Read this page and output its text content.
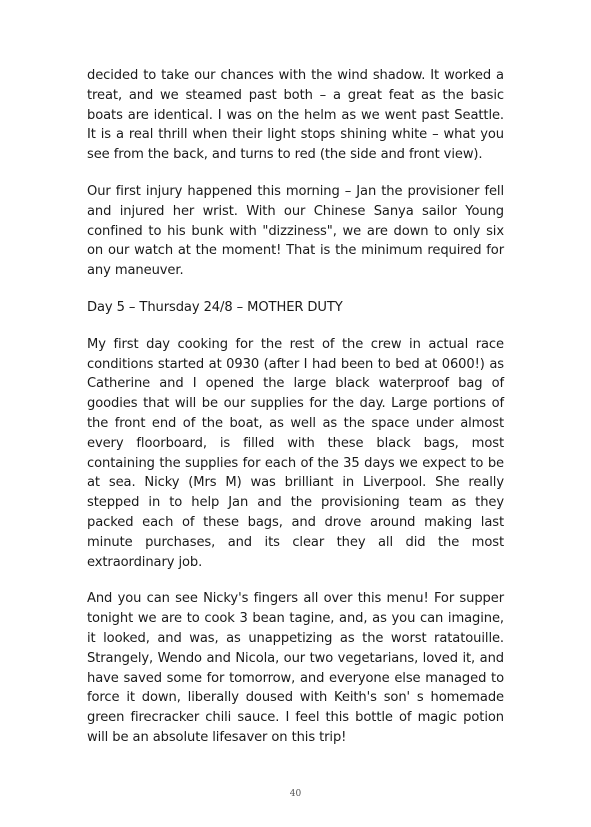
decided to take our chances with the wind shadow. It worked a treat, and we steamed past both – a great feat as the basic boats are identical. I was on the helm as we went past Seattle. It is a real thrill when their light stops shining white – what you see from the back, and turns to red (the side and front view).

Our first injury happened this morning – Jan the provisioner fell and injured her wrist. With our Chinese Sanya sailor Young confined to his bunk with "dizziness", we are down to only six on our watch at the moment! That is the minimum required for any maneuver.

Day 5 – Thursday 24/8 – MOTHER DUTY

My first day cooking for the rest of the crew in actual race conditions started at 0930 (after I had been to bed at 0600!) as Catherine and I opened the large black waterproof bag of goodies that will be our supplies for the day. Large portions of the front end of the boat, as well as the space under almost every floorboard, is filled with these black bags, most containing the supplies for each of the 35 days we expect to be at sea. Nicky (Mrs M) was brilliant in Liverpool. She really stepped in to help Jan and the provisioning team as they packed each of these bags, and drove around making last minute purchases, and its clear they all did the most extraordinary job.

And you can see Nicky's fingers all over this menu! For supper tonight we are to cook 3 bean tagine, and, as you can imagine, it looked, and was, as unappetizing as the worst ratatouille. Strangely, Wendo and Nicola, our two vegetarians, loved it, and have saved some for tomorrow, and everyone else managed to force it down, liberally doused with Keith's son' s homemade green firecracker chili sauce. I feel this bottle of magic potion will be an absolute lifesaver on this trip!

40
